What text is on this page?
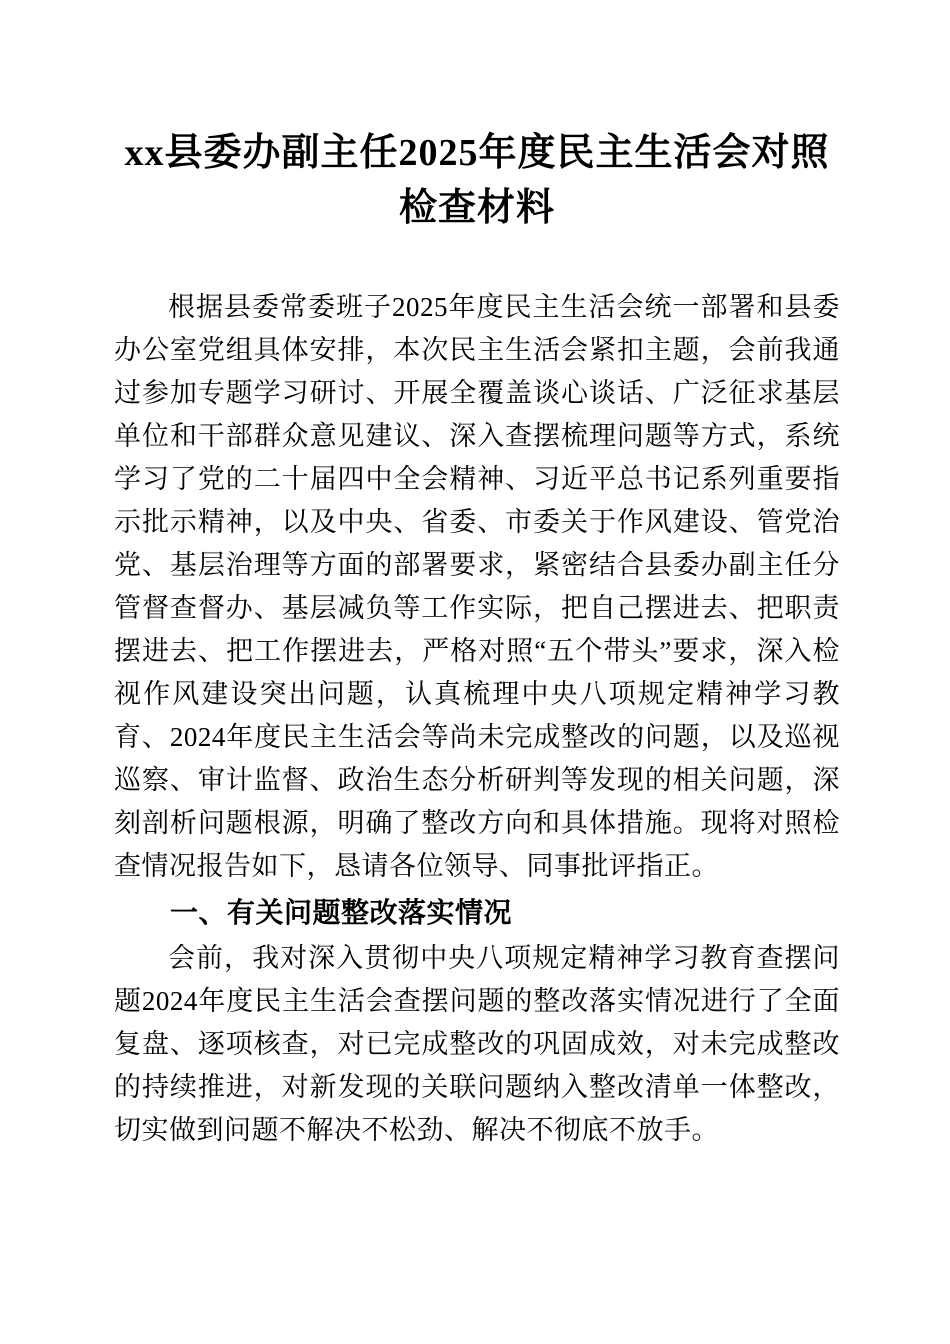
xx县委办副主任2025年度民主生活会对照检查材料

根据县委常委班子2025年度民主生活会统一部署和县委办公室党组具体安排，本次民主生活会紧扣主题，会前我通过参加专题学习研讨、开展全覆盖谈心谈话、广泛征求基层单位和干部群众意见建议、深入查摆梳理问题等方式，系统学习了党的二十届四中全会精神、习近平总书记系列重要指示批示精神，以及中央、省委、市委关于作风建设、管党治党、基层治理等方面的部署要求，紧密结合县委办副主任分管督查督办、基层减负等工作实际，把自己摆进去、把职责摆进去、把工作摆进去，严格对照“五个带头”要求，深入检视作风建设突出问题，认真梳理中央八项规定精神学习教育、2024年度民主生活会等尚未完成整改的问题，以及巡视巡察、审计监督、政治生态分析研判等发现的相关问题，深刻剖析问题根源，明确了整改方向和具体措施。现将对照检查情况报告如下，恳请各位领导、同事批评指正。

一、有关问题整改落实情况

会前，我对深入贯彻中央八项规定精神学习教育查摆问题2024年度民主生活会查摆问题的整改落实情况进行了全面复盘、逐项核查，对已完成整改的巩固成效，对未完成整改的持续推进，对新发现的关联问题纳入整改清单一体整改，切实做到问题不解决不松劲、解决不彻底不放手。
